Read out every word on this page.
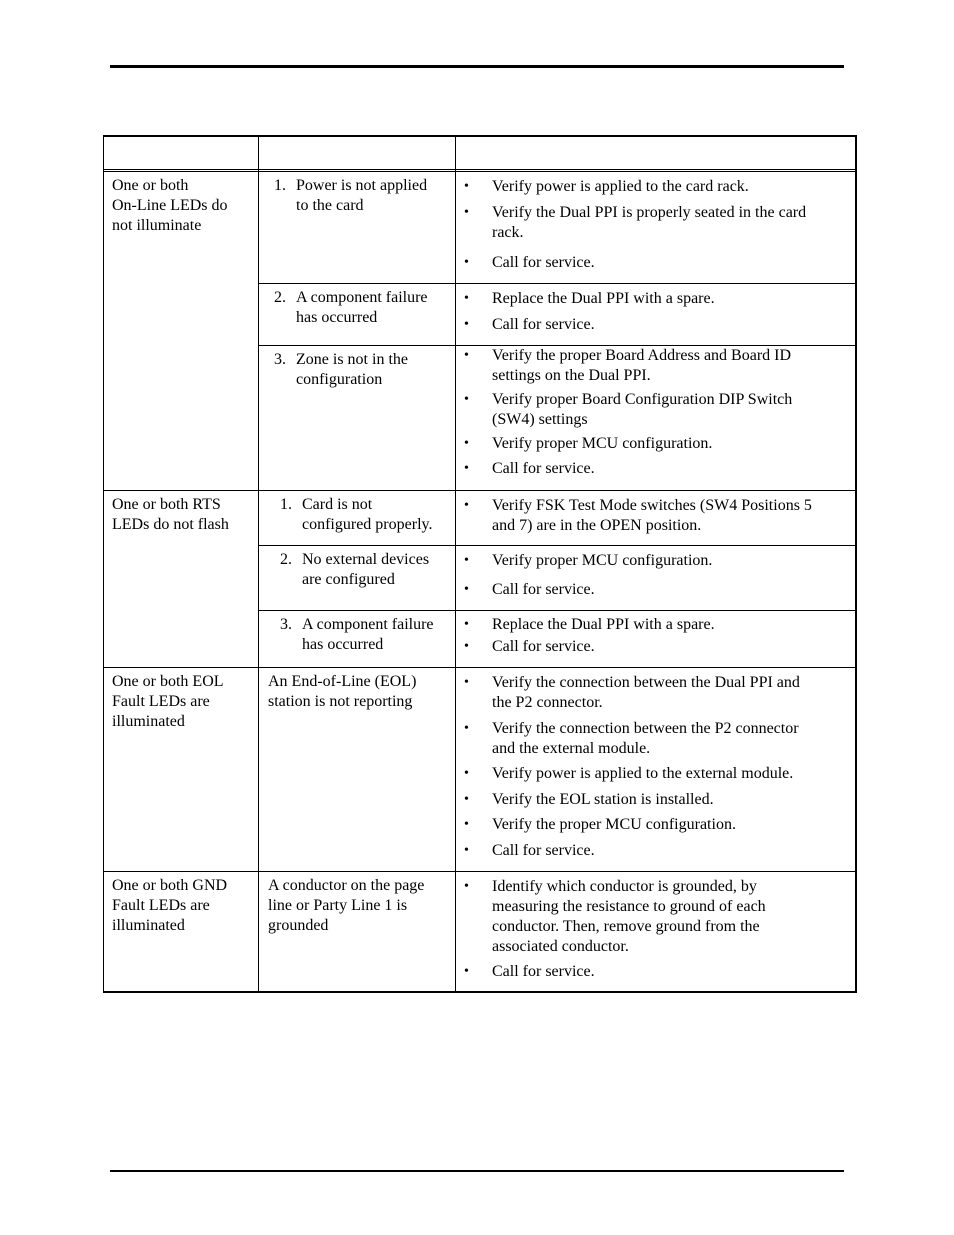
One or both
On-Line LEDs do
not illuminate
1. Power is not applied
to the card
• Verify power is applied to the card rack.
• Verify the Dual PPI is properly seated in the card
rack.
• Call for service.
2. A component failure
has occurred
• Replace the Dual PPI with a spare.
• Call for service.
3. Zone is not in the
configuration
• Verify the proper Board Address and Board ID
settings on the Dual PPI.
• Verify proper Board Configuration DIP Switch
(SW4) settings
• Verify proper MCU configuration.
• Call for service.
One or both RTS
LEDs do not flash
1. Card is not
configured properly.
• Verify FSK Test Mode switches (SW4 Positions 5
and 7) are in the OPEN position.
2. No external devices
are configured
• Verify proper MCU configuration.
• Call for service.
3. A component failure
has occurred
• Replace the Dual PPI with a spare.
• Call for service.
One or both EOL
Fault LEDs are
illuminated
An End-of-Line (EOL)
station is not reporting
• Verify the connection between the Dual PPI and
the P2 connector.
• Verify the connection between the P2 connector
and the external module.
• Verify power is applied to the external module.
• Verify the EOL station is installed.
• Verify the proper MCU configuration.
• Call for service.
One or both GND
Fault LEDs are
illuminated
A conductor on the page
line or Party Line 1 is
grounded
• Identify which conductor is grounded, by
measuring the resistance to ground of each
conductor. Then, remove ground from the
associated conductor.
• Call for service.
